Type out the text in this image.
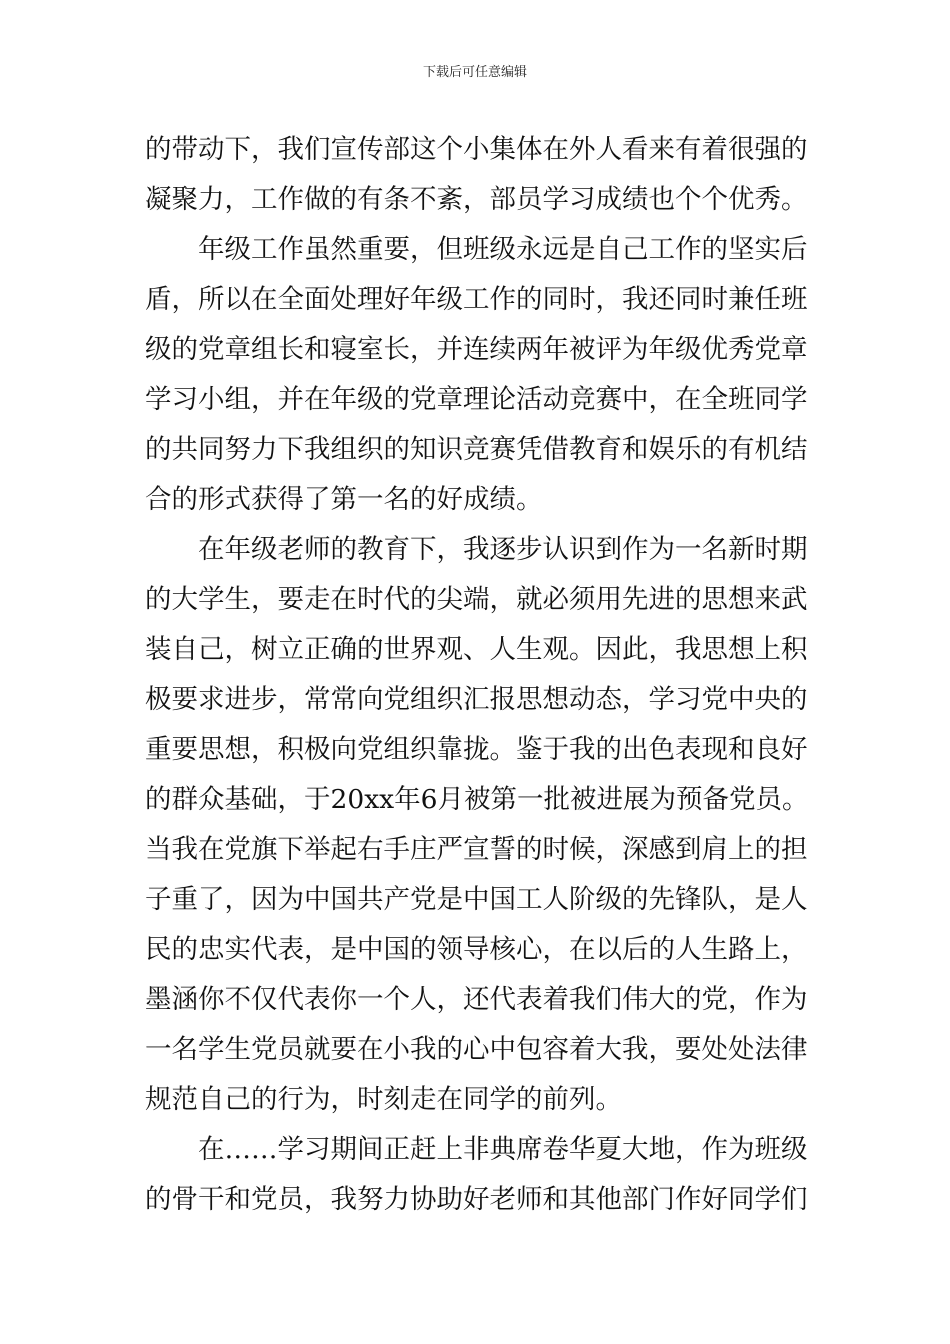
下载后可任意编辑
的带动下，我们宣传部这个小集体在外人看来有着很强的
凝聚力，工作做的有条不紊，部员学习成绩也个个优秀。
年级工作虽然重要，但班级永远是自己工作的坚实后
盾，所以在全面处理好年级工作的同时，我还同时兼任班
级的党章组长和寝室长，并连续两年被评为年级优秀党章
学习小组，并在年级的党章理论活动竞赛中，在全班同学
的共同努力下我组织的知识竞赛凭借教育和娱乐的有机结
合的形式获得了第一名的好成绩。
在年级老师的教育下，我逐步认识到作为一名新时期
的大学生，要走在时代的尖端，就必须用先进的思想来武
装自己，树立正确的世界观、人生观。因此，我思想上积
极要求进步，常常向党组织汇报思想动态，学习党中央的
重要思想，积极向党组织靠拢。鉴于我的出色表现和良好
的群众基础，于20xx年6月被第一批被进展为预备党员。
当我在党旗下举起右手庄严宣誓的时候，深感到肩上的担
子重了，因为中国共产党是中国工人阶级的先锋队，是人
民的忠实代表，是中国的领导核心，在以后的人生路上，
墨涵你不仅代表你一个人，还代表着我们伟大的党，作为
一名学生党员就要在小我的心中包容着大我，要处处法律
规范自己的行为，时刻走在同学的前列。
在……学习期间正赶上非典席卷华夏大地，作为班级
的骨干和党员，我努力协助好老师和其他部门作好同学们
